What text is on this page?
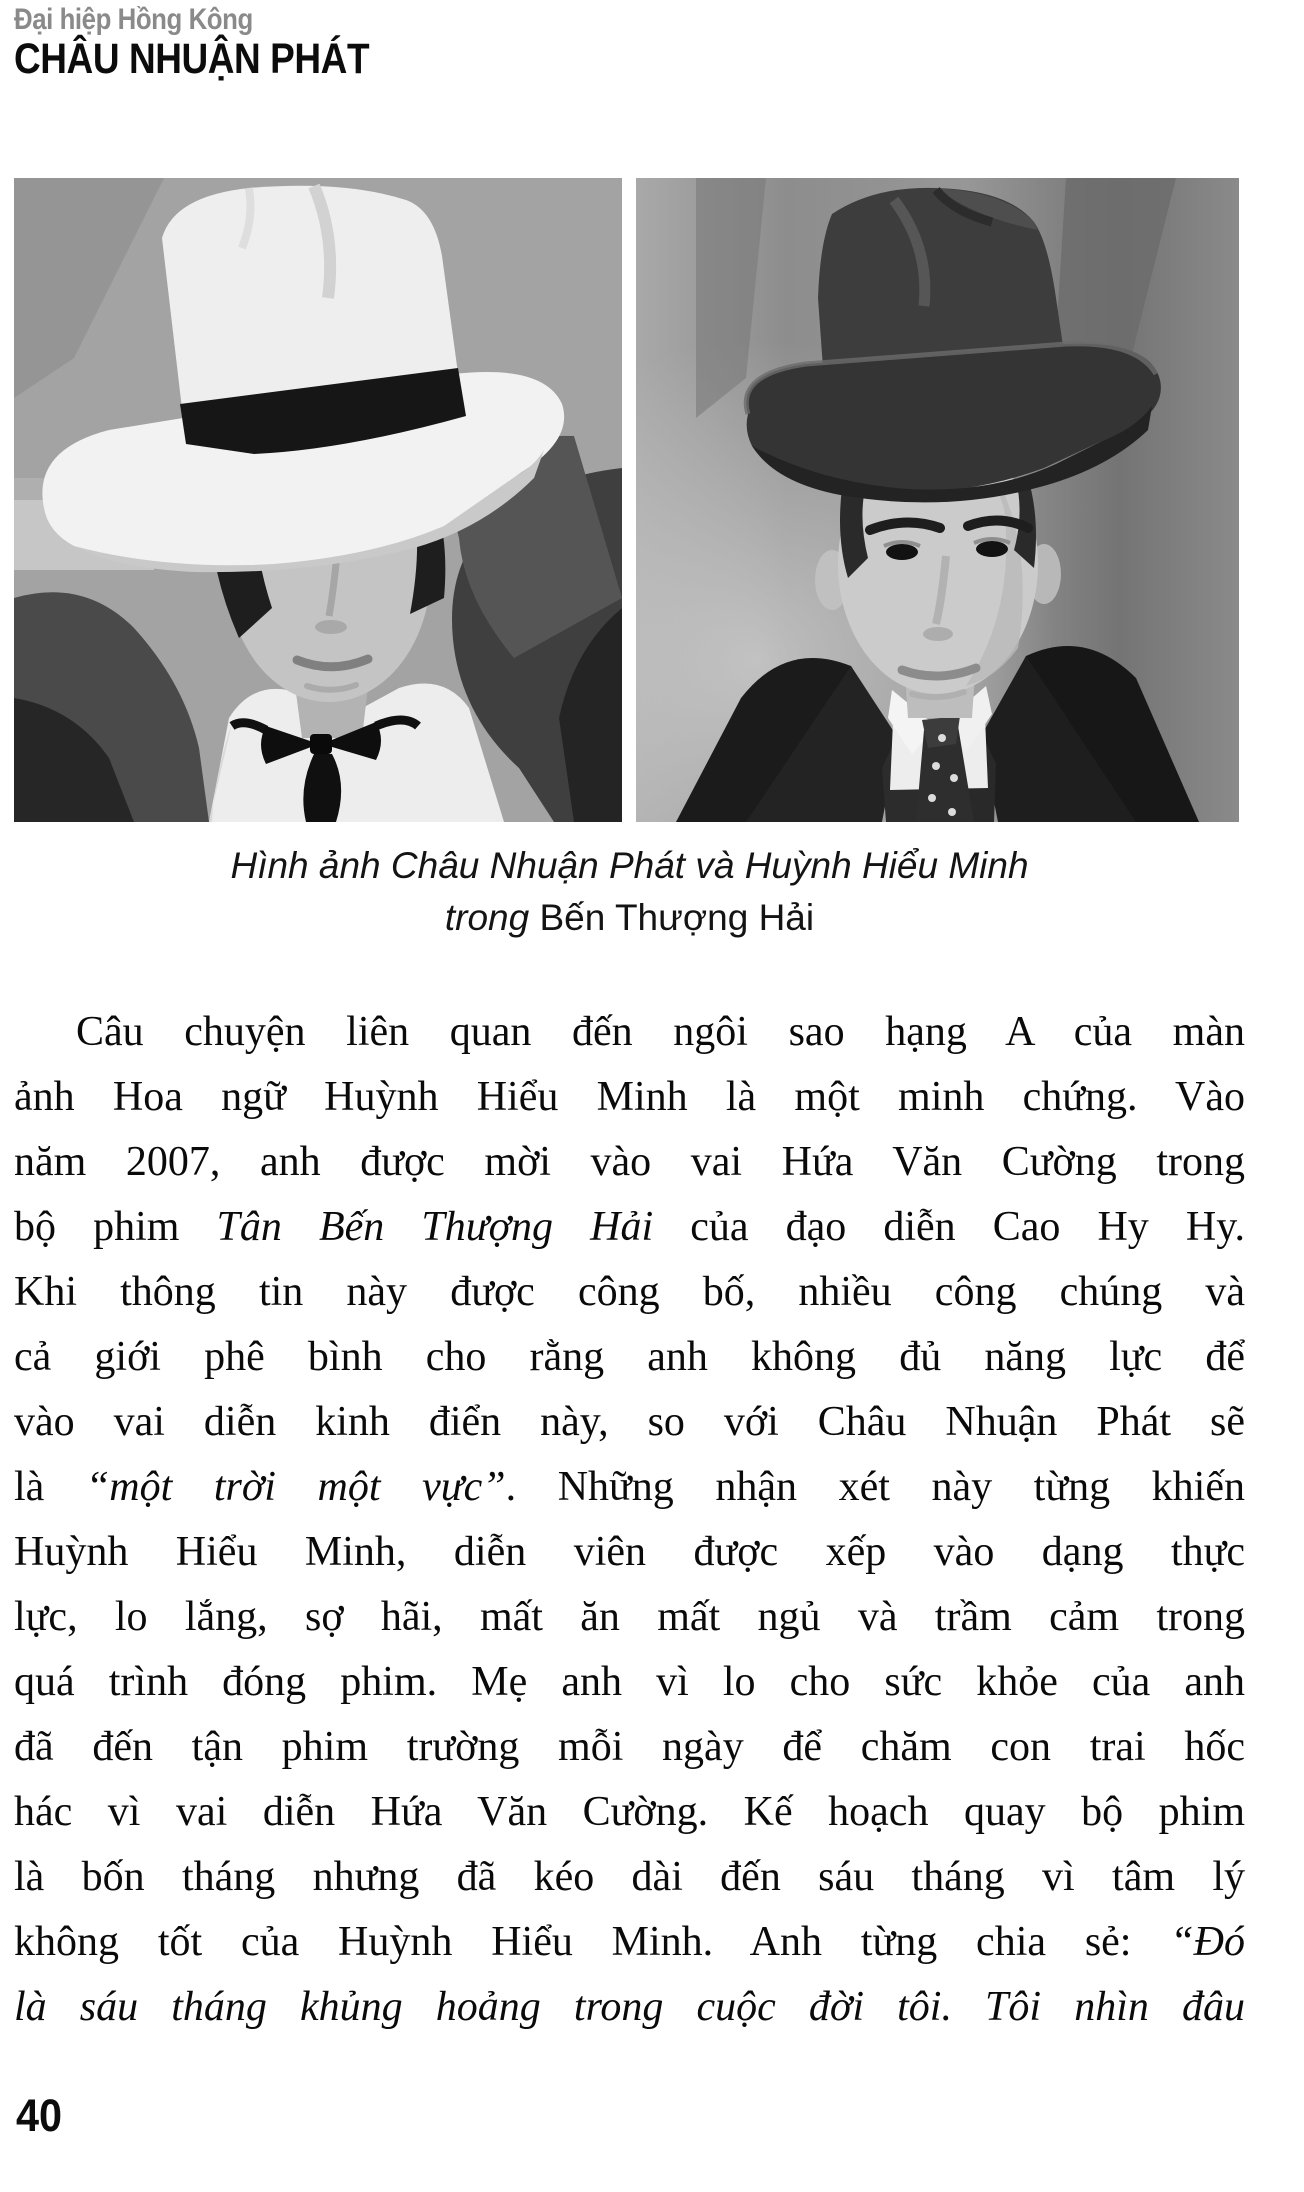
Đại hiệp Hồng Kông
CHÂU NHUẬN PHÁT
Hình ảnh Châu Nhuận Phát và Huỳnh Hiểu Minh
trong Bến Thượng Hải
Câu chuyện liên quan đến ngôi sao hạng A của màn
ảnh Hoa ngữ Huỳnh Hiểu Minh là một minh chứng. Vào
năm 2007, anh được mời vào vai Hứa Văn Cường trong
bộ phim Tân Bến Thượng Hải của đạo diễn Cao Hy Hy.
Khi thông tin này được công bố, nhiều công chúng và
cả giới phê bình cho rằng anh không đủ năng lực để
vào vai diễn kinh điển này, so với Châu Nhuận Phát sẽ
là “một trời một vực”. Những nhận xét này từng khiến
Huỳnh Hiểu Minh, diễn viên được xếp vào dạng thực
lực, lo lắng, sợ hãi, mất ăn mất ngủ và trầm cảm trong
quá trình đóng phim. Mẹ anh vì lo cho sức khỏe của anh
đã đến tận phim trường mỗi ngày để chăm con trai hốc
hác vì vai diễn Hứa Văn Cường. Kế hoạch quay bộ phim
là bốn tháng nhưng đã kéo dài đến sáu tháng vì tâm lý
không tốt của Huỳnh Hiểu Minh. Anh từng chia sẻ: “Đó
là sáu tháng khủng hoảng trong cuộc đời tôi. Tôi nhìn đâu
40
